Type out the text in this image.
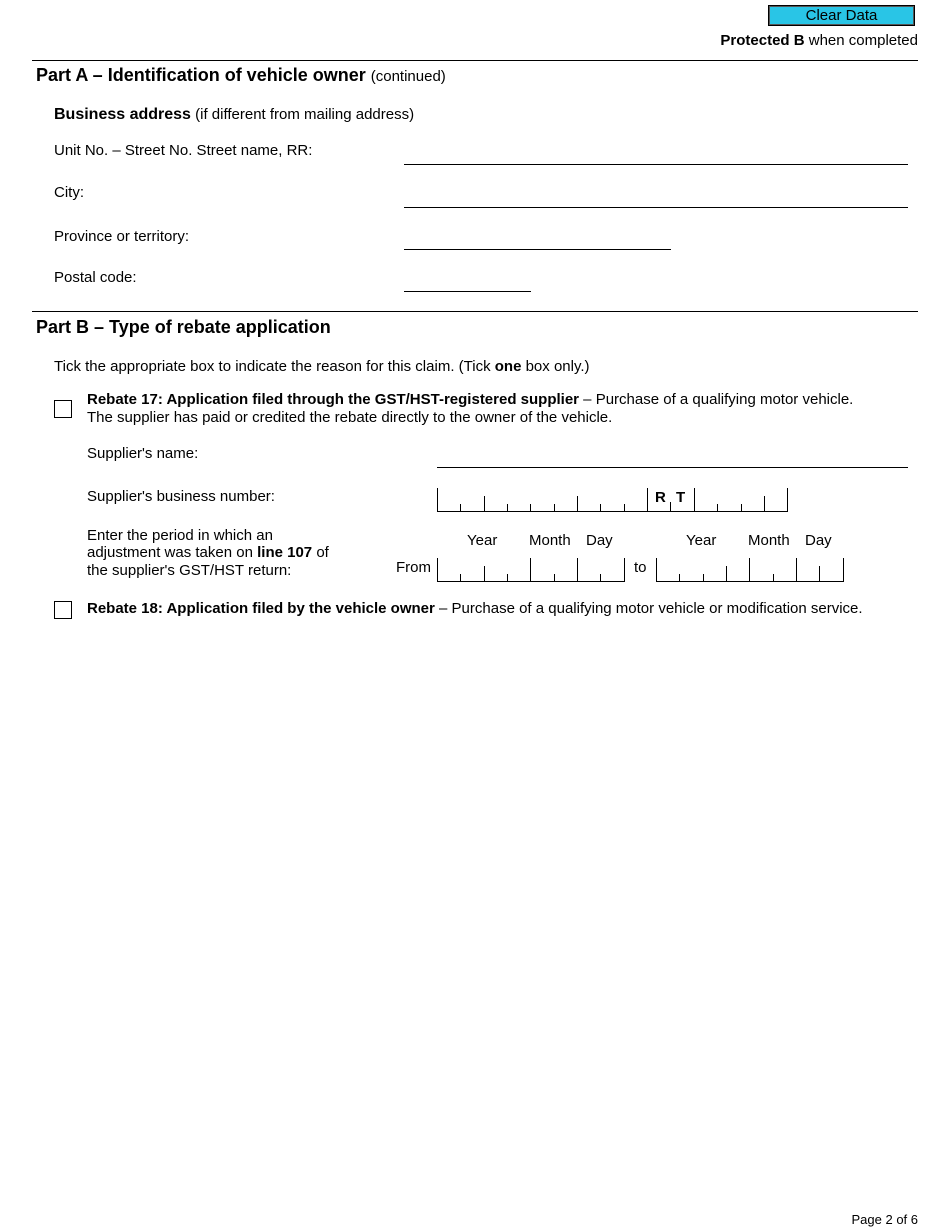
Clear Data
Protected B when completed
Part A – Identification of vehicle owner (continued)
Business address (if different from mailing address)
Unit No. – Street No. Street name, RR:
City:
Province or territory:
Postal code:
Part B – Type of rebate application
Tick the appropriate box to indicate the reason for this claim. (Tick one box only.)
Rebate 17: Application filed through the GST/HST-registered supplier – Purchase of a qualifying motor vehicle.
The supplier has paid or credited the rebate directly to the owner of the vehicle.
Supplier's name:
Supplier's business number:	R T
Enter the period in which an
adjustment was taken on line 107 of
the supplier's GST/HST return:
Year Month Day	Year Month Day
From	to
Rebate 18: Application filed by the vehicle owner – Purchase of a qualifying motor vehicle or modification service.
Page 2 of 6
